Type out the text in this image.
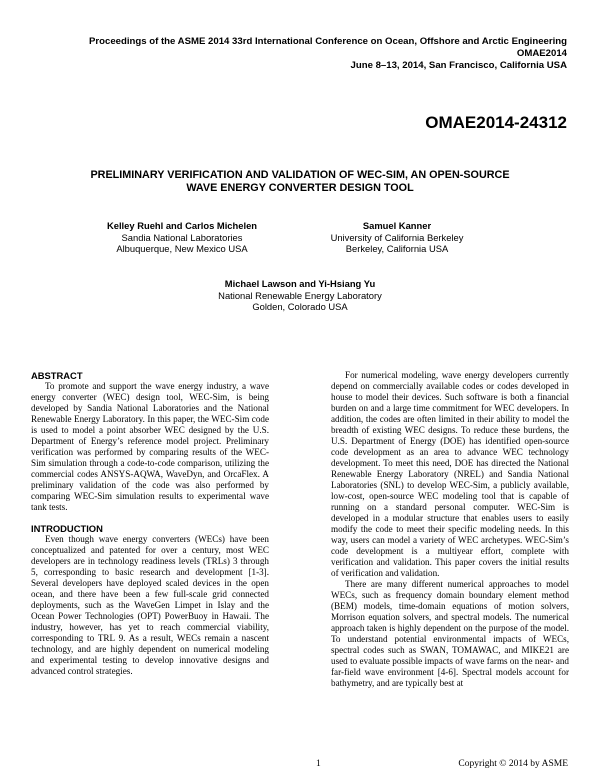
Proceedings of the ASME 2014 33rd International Conference on Ocean, Offshore and Arctic Engineering
OMAE2014
June 8–13, 2014, San Francisco, California USA
OMAE2014-24312
PRELIMINARY VERIFICATION AND VALIDATION OF WEC-SIM, AN OPEN-SOURCE
WAVE ENERGY CONVERTER DESIGN TOOL
Kelley Ruehl and Carlos Michelen
Sandia National Laboratories
Albuquerque, New Mexico USA
Samuel Kanner
University of California Berkeley
Berkeley, California USA
Michael Lawson and Yi-Hsiang Yu
National Renewable Energy Laboratory
Golden, Colorado USA
ABSTRACT

To promote and support the wave energy industry, a wave energy converter (WEC) design tool, WEC-Sim, is being developed by Sandia National Laboratories and the National Renewable Energy Laboratory. In this paper, the WEC-Sim code is used to model a point absorber WEC designed by the U.S. Department of Energy’s reference model project. Preliminary verification was performed by comparing results of the WEC-Sim simulation through a code-to-code comparison, utilizing the commercial codes ANSYS-AQWA, WaveDyn, and OrcaFlex. A preliminary validation of the code was also performed by comparing WEC-Sim simulation results to experimental wave tank tests.

INTRODUCTION

Even though wave energy converters (WECs) have been conceptualized and patented for over a century, most WEC developers are in technology readiness levels (TRLs) 3 through 5, corresponding to basic research and development [1-3]. Several developers have deployed scaled devices in the open ocean, and there have been a few full-scale grid connected deployments, such as the WaveGen Limpet in Islay and the Ocean Power Technologies (OPT) PowerBuoy in Hawaii. The industry, however, has yet to reach commercial viability, corresponding to TRL 9. As a result, WECs remain a nascent technology, and are highly dependent on numerical modeling and experimental testing to develop innovative designs and advanced control strategies.

For numerical modeling, wave energy developers currently depend on commercially available codes or codes developed in house to model their devices. Such software is both a financial burden on and a large time commitment for WEC developers. In addition, the codes are often limited in their ability to model the breadth of existing WEC designs. To reduce these burdens, the U.S. Department of Energy (DOE) has identified open-source code development as an area to advance WEC technology development. To meet this need, DOE has directed the National Renewable Energy Laboratory (NREL) and Sandia National Laboratories (SNL) to develop WEC-Sim, a publicly available, low-cost, open-source WEC modeling tool that is capable of running on a standard personal computer. WEC-Sim is developed in a modular structure that enables users to easily modify the code to meet their specific modeling needs. In this way, users can model a variety of WEC archetypes. WEC-Sim’s code development is a multiyear effort, complete with verification and validation. This paper covers the initial results of verification and validation.

There are many different numerical approaches to model WECs, such as frequency domain boundary element method (BEM) models, time-domain equations of motion solvers, Morrison equation solvers, and spectral models. The numerical approach taken is highly dependent on the purpose of the model. To understand potential environmental impacts of WECs, spectral codes such as SWAN, TOMAWAC, and MIKE21 are used to evaluate possible impacts of wave farms on the near- and far-field wave environment [4-6]. Spectral models account for bathymetry, and are typically best at

1	Copyright © 2014 by ASME
